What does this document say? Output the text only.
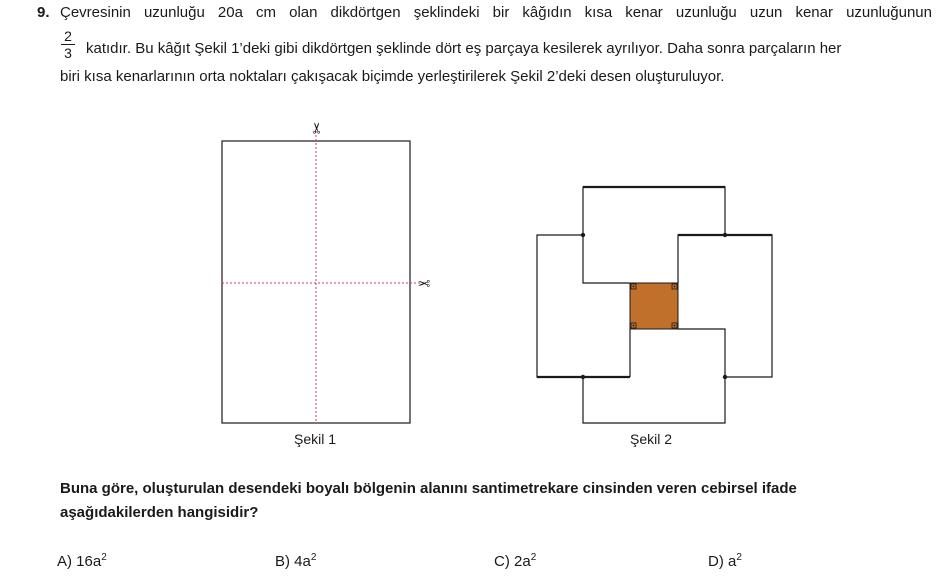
9. Çevresinin uzunluğu 20a cm olan dikdörtgen şeklindeki bir kâğıdın kısa kenar uzunluğu uzun kenar uzunluğunun
2
3 katıdır. Bu kâğıt Şekil 1’deki gibi dikdörtgen şeklinde dört eş parçaya kesilerek ayrılıyor. Daha sonra parçaların her
biri kısa kenarlarının orta noktaları çakışacak biçimde yerleştirilerek Şekil 2’deki desen oluşturuluyor.
✂
✂
Şekil 1	Şekil 2
Buna göre, oluşturulan desendeki boyalı bölgenin alanını santimetrekare cinsinden veren cebirsel ifade
aşağıdakilerden hangisidir?
A) $16a^2$	B) $4a^2$	C) $2a^2$	D) $a^2$
